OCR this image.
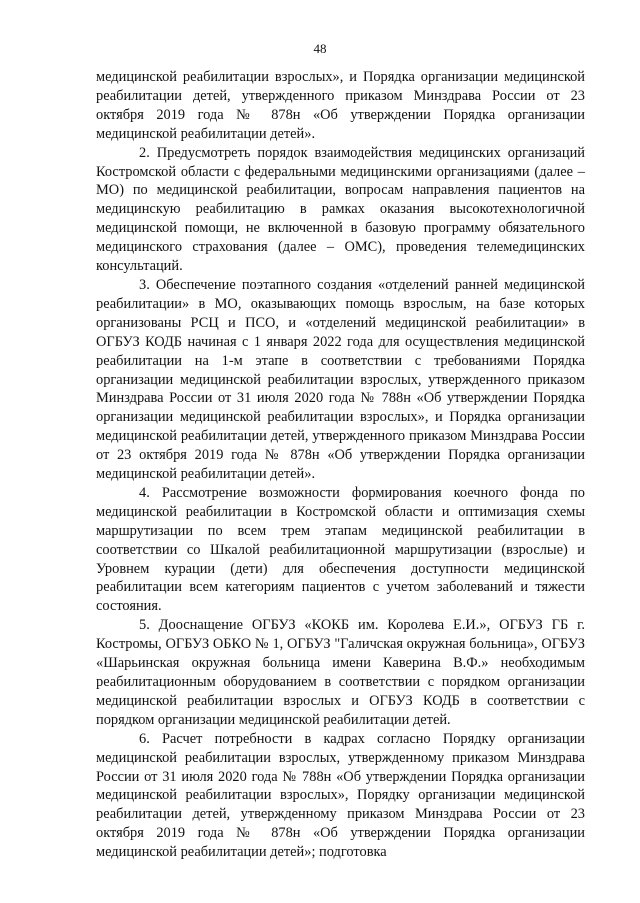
48

медицинской реабилитации взрослых», и Порядка организации медицинской реабилитации детей, утвержденного приказом Минздрава России от 23 октября 2019 года № 878н «Об утверждении Порядка организации медицинской реабилитации детей».

2. Предусмотреть порядок взаимодействия медицинских организаций Костромской области с федеральными медицинскими организациями (далее – МО) по медицинской реабилитации, вопросам направления пациентов на медицинскую реабилитацию в рамках оказания высокотехнологичной медицинской помощи, не включенной в базовую программу обязательного медицинского страхования (далее – ОМС), проведения телемедицинских консультаций.

3. Обеспечение поэтапного создания «отделений ранней медицинской реабилитации» в МО, оказывающих помощь взрослым, на базе которых организованы РСЦ и ПСО, и «отделений медицинской реабилитации» в ОГБУЗ КОДБ начиная с 1 января 2022 года для осуществления медицинской реабилитации на 1-м этапе в соответствии с требованиями Порядка организации медицинской реабилитации взрослых, утвержденного приказом Минздрава России от 31 июля 2020 года № 788н «Об утверждении Порядка организации медицинской реабилитации взрослых», и Порядка организации медицинской реабилитации детей, утвержденного приказом Минздрава России от 23 октября 2019 года № 878н «Об утверждении Порядка организации медицинской реабилитации детей».

4. Рассмотрение возможности формирования коечного фонда по медицинской реабилитации в Костромской области и оптимизация схемы маршрутизации по всем трем этапам медицинской реабилитации в соответствии со Шкалой реабилитационной маршрутизации (взрослые) и Уровнем курации (дети) для обеспечения доступности медицинской реабилитации всем категориям пациентов с учетом заболеваний и тяжести состояния.

5. Дооснащение ОГБУЗ «КОКБ им. Королева Е.И.», ОГБУЗ ГБ г. Костромы, ОГБУЗ ОБКО № 1, ОГБУЗ "Галичская окружная больница», ОГБУЗ «Шарьинская окружная больница имени Каверина В.Ф.» необходимым реабилитационным оборудованием в соответствии с порядком организации медицинской реабилитации взрослых и ОГБУЗ КОДБ в соответствии с порядком организации медицинской реабилитации детей.

6. Расчет потребности в кадрах согласно Порядку организации медицинской реабилитации взрослых, утвержденному приказом Минздрава России от 31 июля 2020 года № 788н «Об утверждении Порядка организации медицинской реабилитации взрослых», Порядку организации медицинской реабилитации детей, утвержденному приказом Минздрава России от 23 октября 2019 года № 878н «Об утверждении Порядка организации медицинской реабилитации детей»; подготовка
